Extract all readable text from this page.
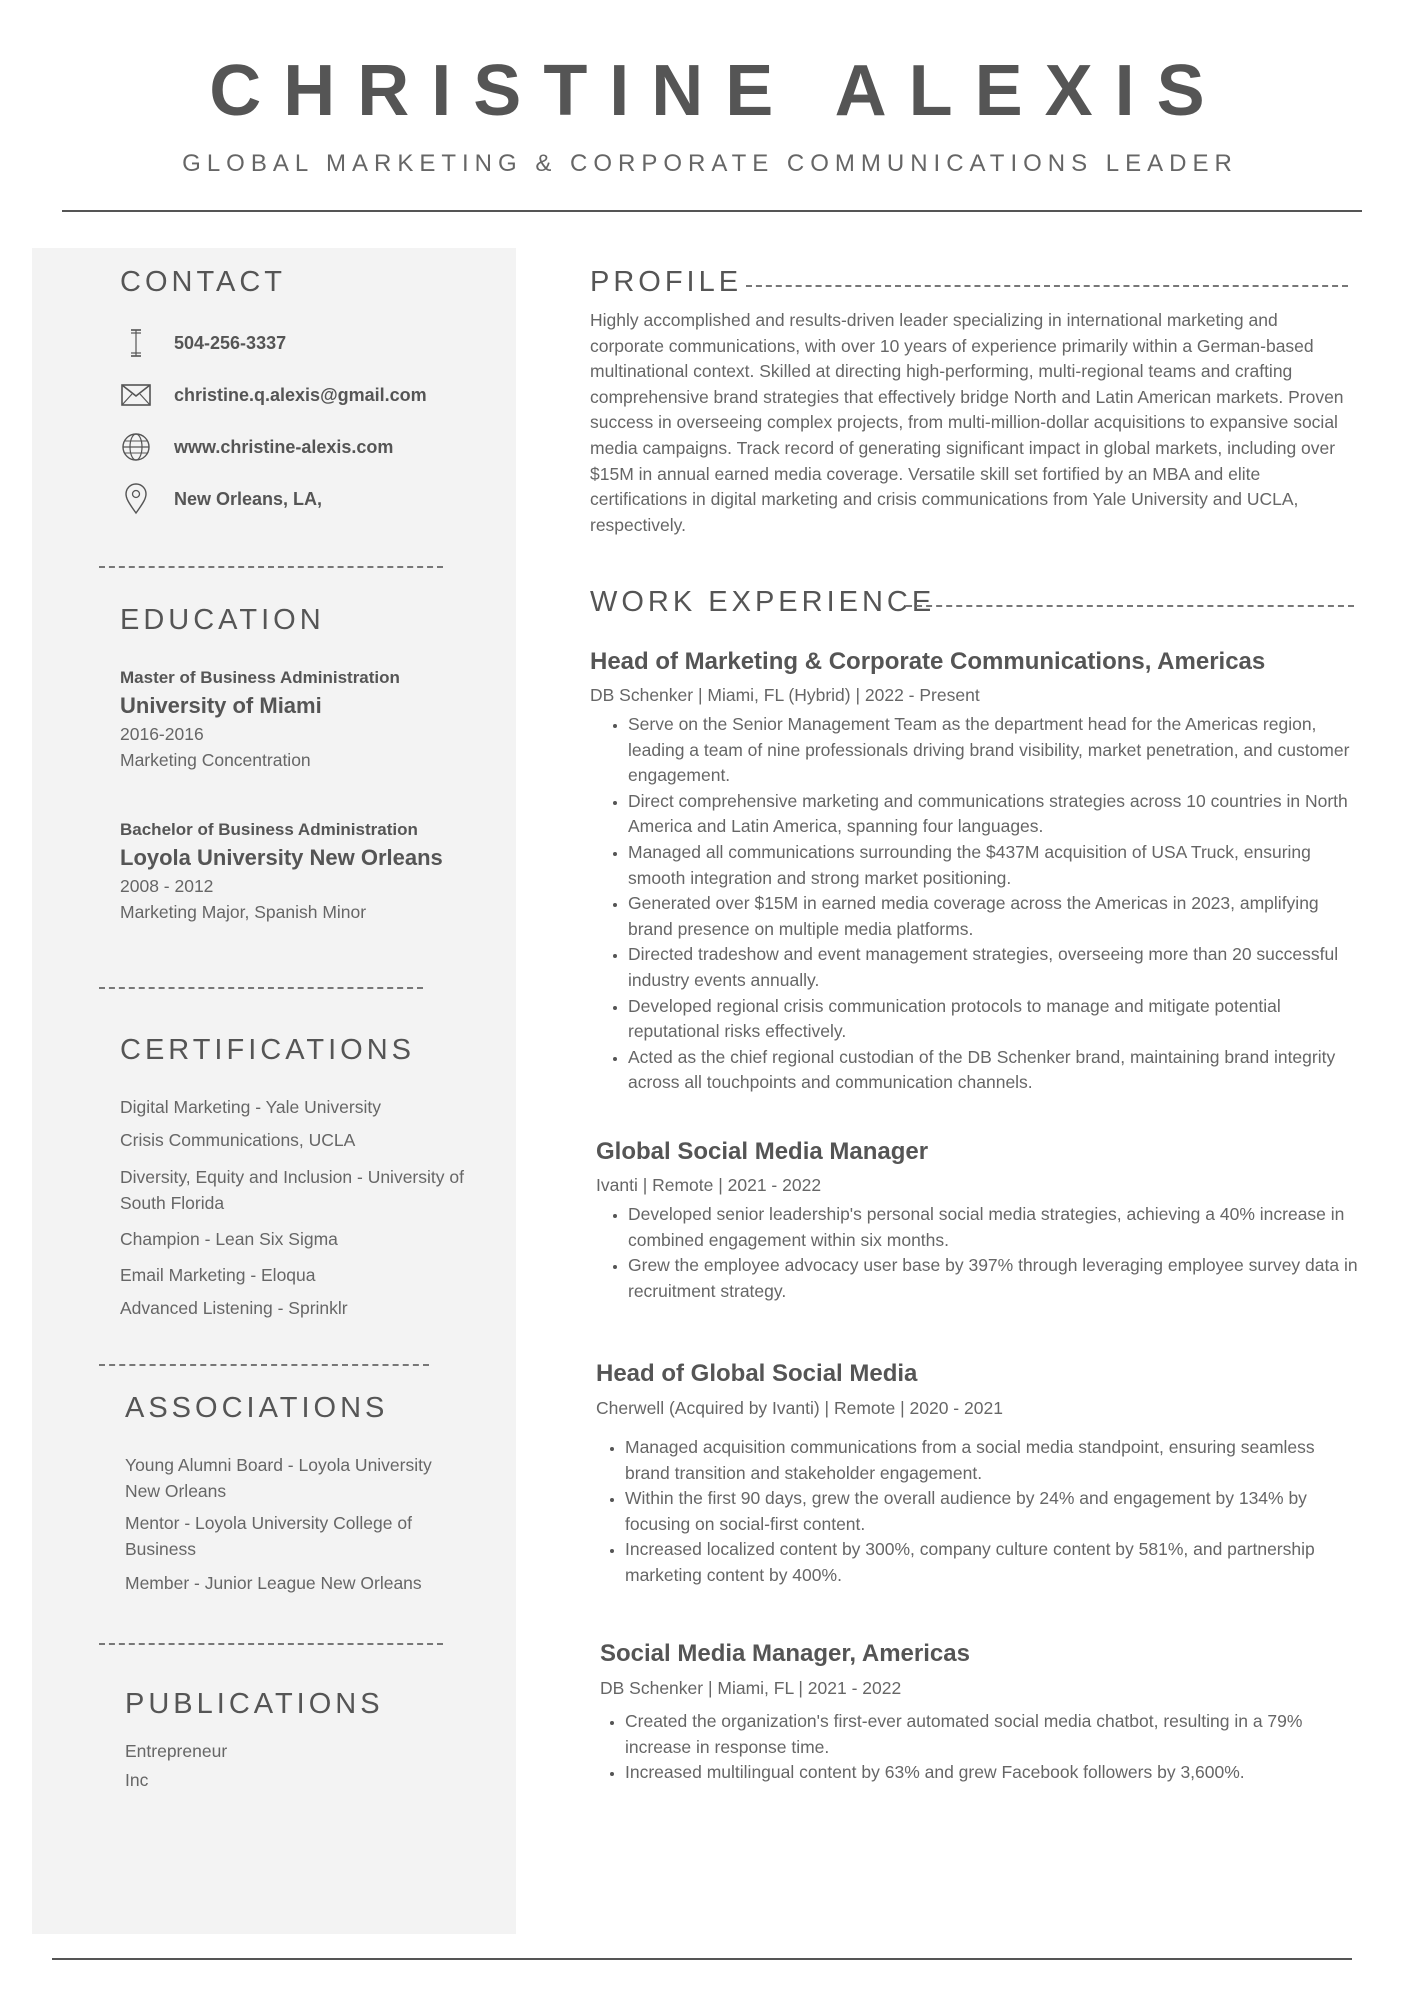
CHRISTINE ALEXIS
GLOBAL MARKETING & CORPORATE COMMUNICATIONS LEADER
CONTACT
504-256-3337
christine.q.alexis@gmail.com
www.christine-alexis.com
New Orleans, LA,
EDUCATION
Master of Business Administration
University of Miami
2016-2016
Marketing Concentration
Bachelor of Business Administration
Loyola University New Orleans
2008 - 2012
Marketing Major, Spanish Minor
CERTIFICATIONS
Digital Marketing - Yale University
Crisis Communications, UCLA
Diversity, Equity and Inclusion - University of South Florida
Champion - Lean Six Sigma
Email Marketing - Eloqua
Advanced Listening - Sprinklr
ASSOCIATIONS
Young Alumni Board - Loyola University New Orleans
Mentor - Loyola University College of Business
Member - Junior League New Orleans
PUBLICATIONS
Entrepreneur
Inc
PROFILE
Highly accomplished and results-driven leader specializing in international marketing and corporate communications, with over 10 years of experience primarily within a German-based multinational context. Skilled at directing high-performing, multi-regional teams and crafting comprehensive brand strategies that effectively bridge North and Latin American markets. Proven success in overseeing complex projects, from multi-million-dollar acquisitions to expansive social media campaigns. Track record of generating significant impact in global markets, including over $15M in annual earned media coverage. Versatile skill set fortified by an MBA and elite certifications in digital marketing and crisis communications from Yale University and UCLA, respectively.
WORK EXPERIENCE
Head of Marketing & Corporate Communications, Americas
DB Schenker | Miami, FL (Hybrid) | 2022 - Present
• Serve on the Senior Management Team as the department head for the Americas region, leading a team of nine professionals driving brand visibility, market penetration, and customer engagement.
• Direct comprehensive marketing and communications strategies across 10 countries in North America and Latin America, spanning four languages.
• Managed all communications surrounding the $437M acquisition of USA Truck, ensuring smooth integration and strong market positioning.
• Generated over $15M in earned media coverage across the Americas in 2023, amplifying brand presence on multiple media platforms.
• Directed tradeshow and event management strategies, overseeing more than 20 successful industry events annually.
• Developed regional crisis communication protocols to manage and mitigate potential reputational risks effectively.
• Acted as the chief regional custodian of the DB Schenker brand, maintaining brand integrity across all touchpoints and communication channels.
Global Social Media Manager
Ivanti | Remote | 2021 - 2022
• Developed senior leadership's personal social media strategies, achieving a 40% increase in combined engagement within six months.
• Grew the employee advocacy user base by 397% through leveraging employee survey data in recruitment strategy.
Head of Global Social Media
Cherwell (Acquired by Ivanti) | Remote | 2020 - 2021
• Managed acquisition communications from a social media standpoint, ensuring seamless brand transition and stakeholder engagement.
• Within the first 90 days, grew the overall audience by 24% and engagement by 134% by focusing on social-first content.
• Increased localized content by 300%, company culture content by 581%, and partnership marketing content by 400%.
Social Media Manager, Americas
DB Schenker | Miami, FL | 2021 - 2022
• Created the organization's first-ever automated social media chatbot, resulting in a 79% increase in response time.
• Increased multilingual content by 63% and grew Facebook followers by 3,600%.
